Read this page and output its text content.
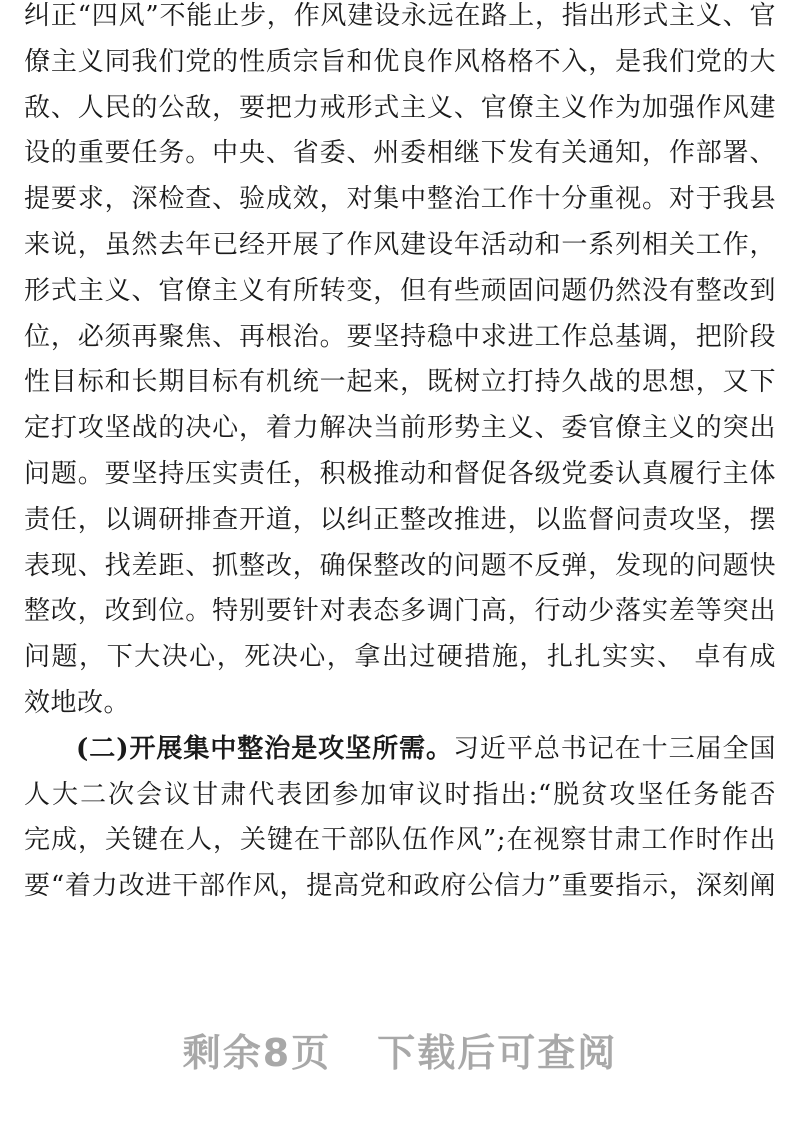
纠正“四风”不能止步，作风建设永远在路上，指出形式主义、官
僚主义同我们党的性质宗旨和优良作风格格不入，是我们党的大
敌、人民的公敌，要把力戒形式主义、官僚主义作为加强作风建
设的重要任务。中央、省委、州委相继下发有关通知，作部署、
提要求，深检查、验成效，对集中整治工作十分重视。对于我县
来说，虽然去年已经开展了作风建设年活动和一系列相关工作，
形式主义、官僚主义有所转变，但有些顽固问题仍然没有整改到
位，必须再聚焦、再根治。要坚持稳中求进工作总基调，把阶段
性目标和长期目标有机统一起来，既树立打持久战的思想，又下
定打攻坚战的决心，着力解决当前形势主义、委官僚主义的突出
问题。要坚持压实责任，积极推动和督促各级党委认真履行主体
责任，以调研排查开道，以纠正整改推进，以监督问责攻坚，摆
表现、找差距、抓整改，确保整改的问题不反弹，发现的问题快
整改，改到位。特别要针对表态多调门高，行动少落实差等突出
问题，下大决心，死决心，拿出过硬措施，扎扎实实、 卓有成
效地改。
(二)开展集中整治是攻坚所需。习近平总书记在十三届全国
人大二次会议甘肃代表团参加审议时指出:“脱贫攻坚任务能否
完成，关键在人，关键在干部队伍作风”;在视察甘肃工作时作出
要“着力改进干部作风，提高党和政府公信力”重要指示，深刻阐
剩余8页 下载后可查阅
